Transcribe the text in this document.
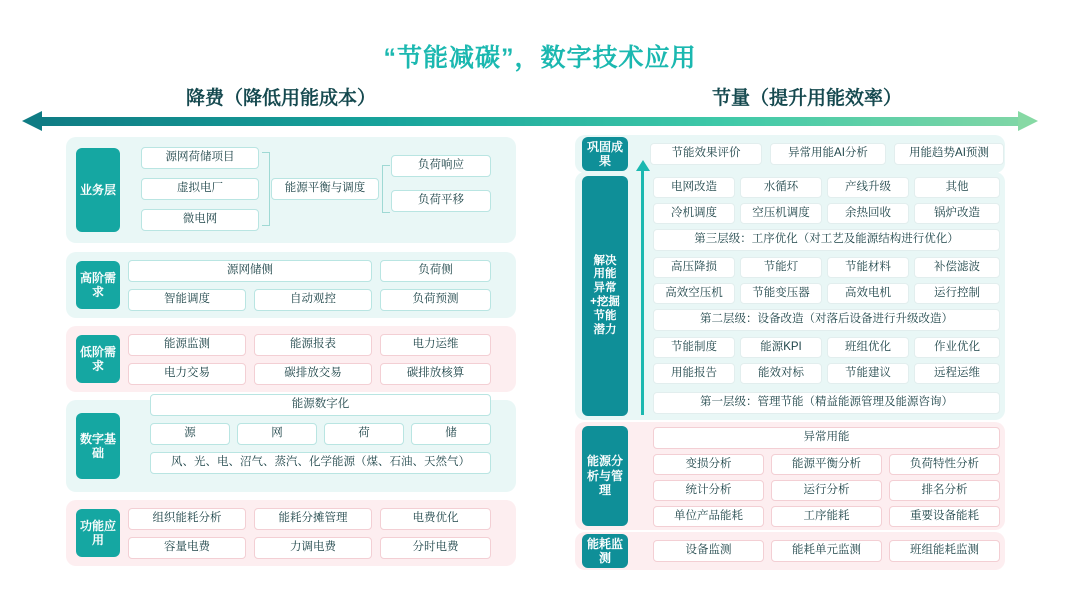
“节能减碳”，数字技术应用
降费（降低用能成本）	节量（提升用能效率）
业务层
源网荷储项目
虚拟电厂
微电网
能源平衡与调度
负荷响应
负荷平移
高阶需求
源网储侧	负荷侧
智能调度	自动观控	负荷预测
低阶需求
能源监测	能源报表	电力运维
电力交易	碳排放交易	碳排放核算
数字基础
能源数字化
源	网	荷	储
风、光、电、沼气、蒸汽、化学能源（煤、石油、天然气）
功能应用
组织能耗分析	能耗分摊管理	电费优化
容量电费	力调电费	分时电费
巩固成果
节能效果评价	异常用能AI分析	用能趋势AI预测
解决用能异常+挖掘节能潜力
电网改造	水循环	产线升级	其他
冷机调度	空压机调度	余热回收	锅炉改造
第三层级：工序优化（对工艺及能源结构进行优化）
高压降损	节能灯	节能材料	补偿滤波
高效空压机	节能变压器	高效电机	运行控制
第二层级：设备改造（对落后设备进行升级改造）
节能制度	能源KPI	班组优化	作业优化
用能报告	能效对标	节能建议	远程运维
第一层级：管理节能（精益能源管理及能源咨询）
能源分析与管理
异常用能
变损分析	能源平衡分析	负荷特性分析
统计分析	运行分析	排名分析
单位产品能耗	工序能耗	重要设备能耗
能耗监测
设备监测	能耗单元监测	班组能耗监测
